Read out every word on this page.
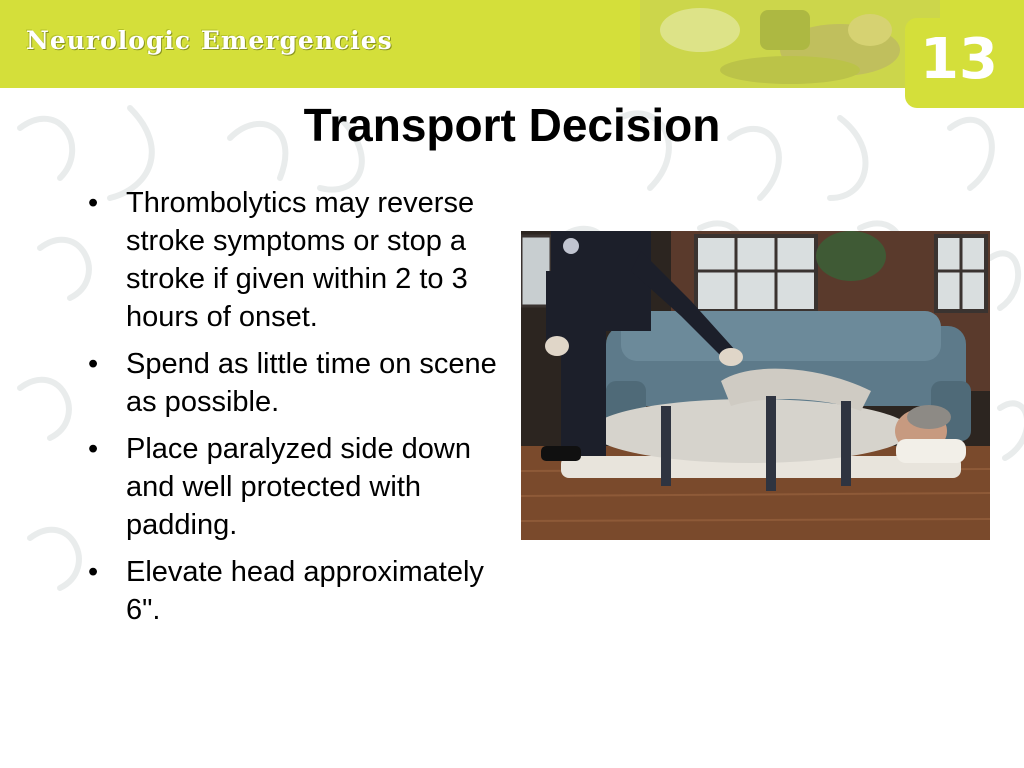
Neurologic Emergencies	13
Transport Decision
• Thrombolytics may reverse stroke symptoms or stop a stroke if given within 2 to 3 hours of onset.
• Spend as little time on scene as possible.
• Place paralyzed side down and well protected with padding.
• Elevate head approximately 6".
